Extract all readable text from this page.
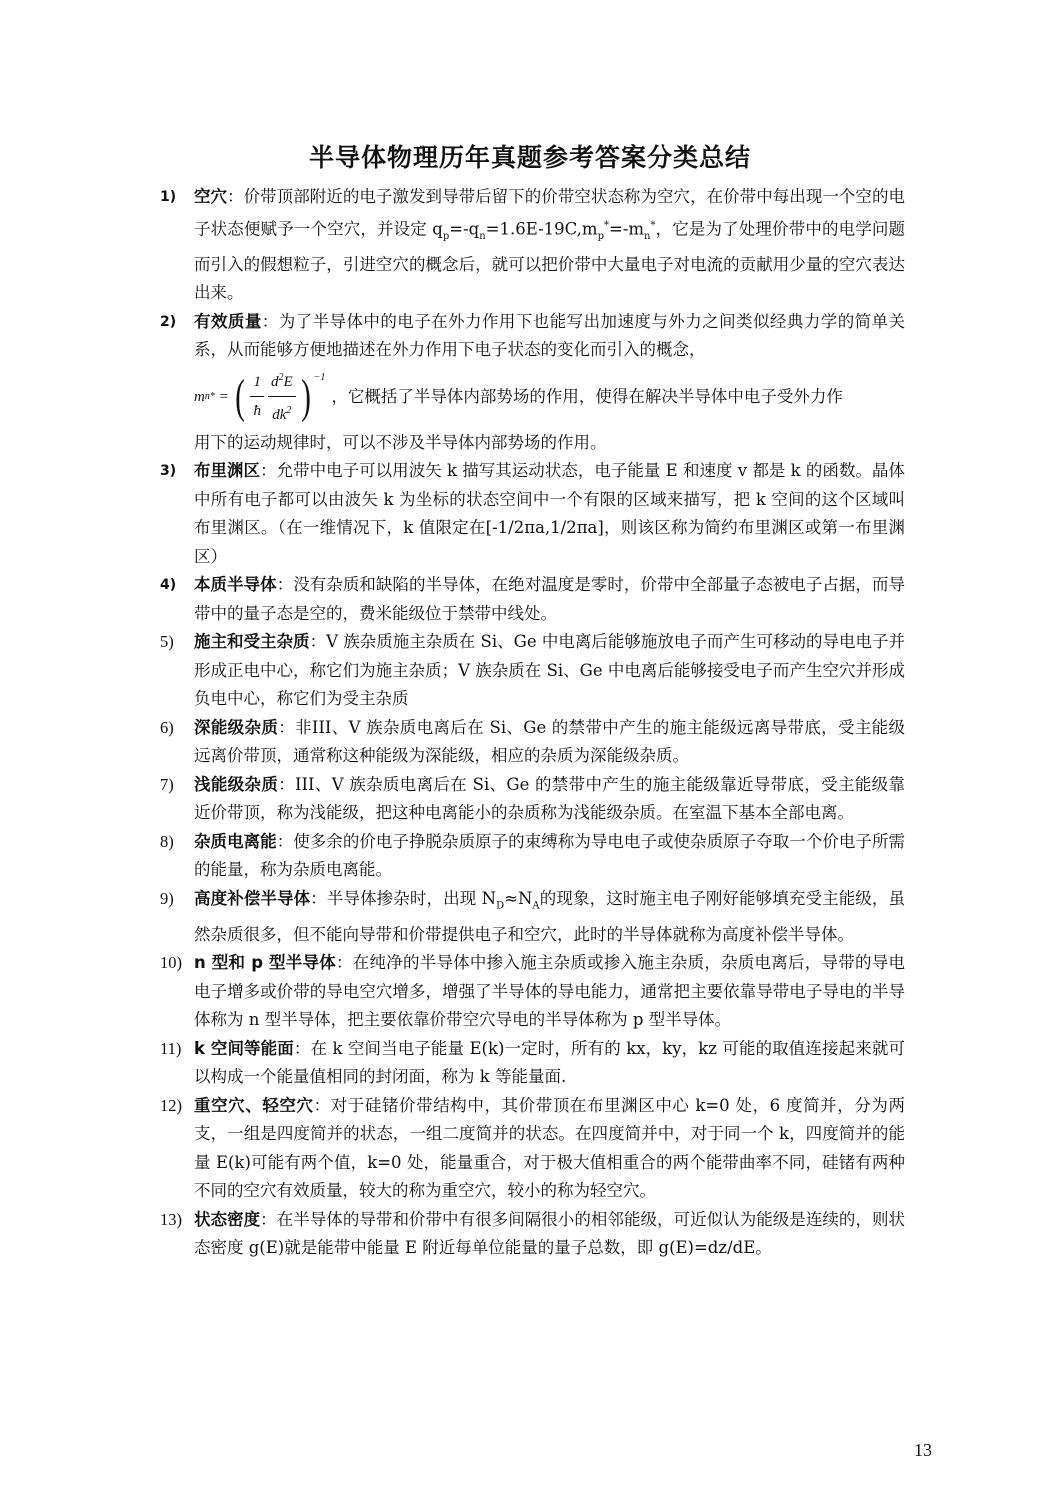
半导体物理历年真题参考答案分类总结
1) 空穴：价带顶部附近的电子激发到导带后留下的价带空状态称为空穴，在价带中每出现一个空的电子状态便赋予一个空穴，并设定 $q_p=-q_n=1.6E-19C,m_p^*=-m_n^*$，它是为了处理价带中的电学问题而引入的假想粒子，引进空穴的概念后，就可以把价带中大量电子对电流的贡献用少量的空穴表达出来。
2) 有效质量：为了半导体中的电子在外力作用下也能写出加速度与外力之间类似经典力学的简单关系，从而能够方便地描述在外力作用下电子状态的变化而引入的概念，
m n * = ( $\frac{1}{ħ} \frac{d^2E}{dk^2}$ ) $^{-1}$
，它概括了半导体内部势场的作用，使得在解决半导体中电子受外力作
用下的运动规律时，可以不涉及半导体内部势场的作用。
3) 布里渊区：允带中电子可以用波矢 k 描写其运动状态，电子能量 E 和速度 v 都是 k 的函数。晶体中所有电子都可以由波矢 k 为坐标的状态空间中一个有限的区域来描写，把 k 空间的这个区域叫布里渊区。（在一维情况下，k 值限定在[-1/2πa,1/2πa]，则该区称为简约布里渊区或第一布里渊区）
4) 本质半导体：没有杂质和缺陷的半导体，在绝对温度是零时，价带中全部量子态被电子占据，而导带中的量子态是空的，费米能级位于禁带中线处。
5) 施主和受主杂质：V 族杂质施主杂质在 Si、Ge 中电离后能够施放电子而产生可移动的导电电子并形成正电中心，称它们为施主杂质；V 族杂质在 Si、Ge 中电离后能够接受电子而产生空穴并形成负电中心，称它们为受主杂质
6) 深能级杂质：非III、V 族杂质电离后在 Si、Ge 的禁带中产生的施主能级远离导带底，受主能级远离价带顶，通常称这种能级为深能级，相应的杂质为深能级杂质。
7) 浅能级杂质：III、V 族杂质电离后在 Si、Ge 的禁带中产生的施主能级靠近导带底，受主能级靠近价带顶，称为浅能级，把这种电离能小的杂质称为浅能级杂质。在室温下基本全部电离。
8) 杂质电离能：使多余的价电子挣脱杂质原子的束缚称为导电电子或使杂质原子夺取一个价电子所需的能量，称为杂质电离能。
9) 高度补偿半导体：半导体掺杂时，出现 $N_D\approx N_A$的现象，这时施主电子刚好能够填充受主能级，虽然杂质很多，但不能向导带和价带提供电子和空穴，此时的半导体就称为高度补偿半导体。
10) n 型和 p 型半导体：在纯净的半导体中掺入施主杂质或掺入施主杂质，杂质电离后，导带的导电电子增多或价带的导电空穴增多，增强了半导体的导电能力，通常把主要依靠导带电子导电的半导体称为 n 型半导体，把主要依靠价带空穴导电的半导体称为 p 型半导体。
11) k 空间等能面：在 k 空间当电子能量 E(k)一定时，所有的 kx，ky，kz 可能的取值连接起来就可以构成一个能量值相同的封闭面，称为 k 等能量面.
12) 重空穴、轻空穴：对于硅锗价带结构中，其价带顶在布里渊区中心 k=0 处，6 度简并，分为两支，一组是四度简并的状态，一组二度简并的状态。在四度简并中，对于同一个 k，四度简并的能量 E(k)可能有两个值，k=0 处，能量重合，对于极大值相重合的两个能带曲率不同，硅锗有两种不同的空穴有效质量，较大的称为重空穴，较小的称为轻空穴。
13) 状态密度：在半导体的导带和价带中有很多间隔很小的相邻能级，可近似认为能级是连续的，则状态密度 g(E)就是能带中能量 E 附近每单位能量的量子总数，即 g(E)=dz/dE。
13
